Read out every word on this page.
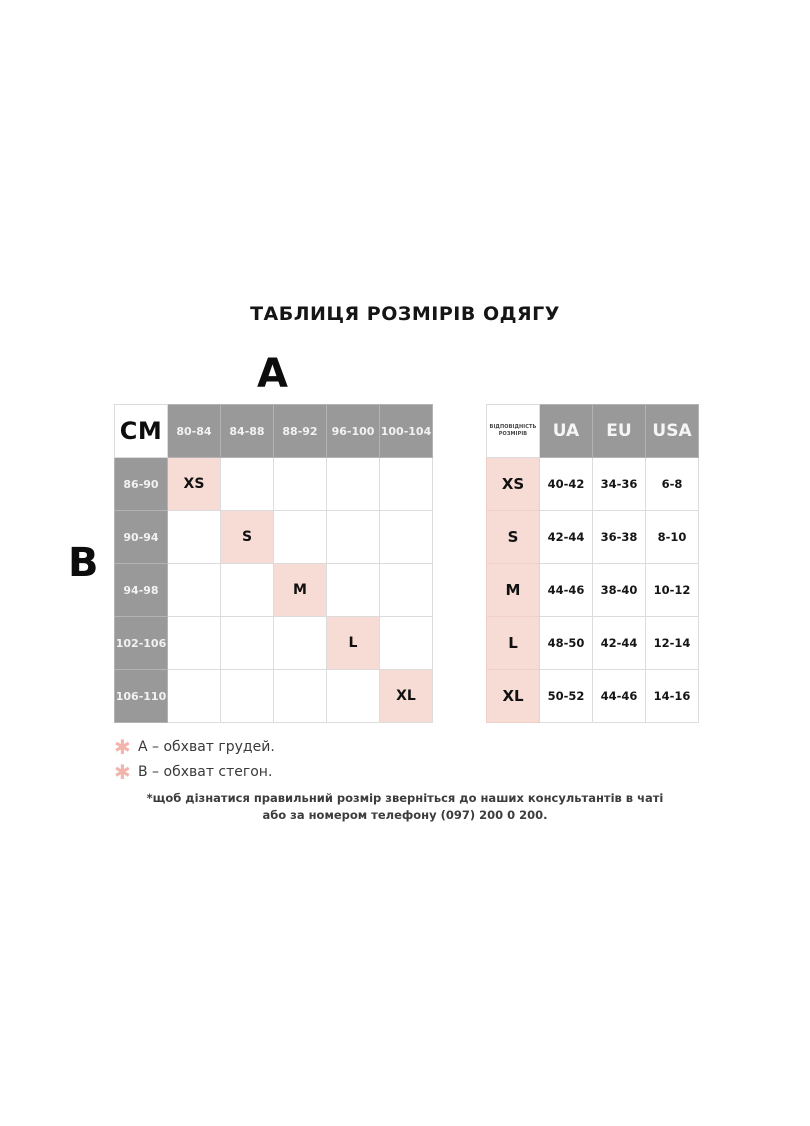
ТАБЛИЦЯ РОЗМІРІВ ОДЯГУ
A
B
CM	80-84	84-88	88-92	96-100	100-104
86-90	XS				
90-94		S			
94-98			M		
102-106				L	
106-110					XL
ВІДПОВІДНІСТЬ
РОЗМІРІВ	UA	EU	USA
XS	40-42	34-36	6-8
S	42-44	36-38	8-10
M	44-46	38-40	10-12
L	48-50	42-44	12-14
XL	50-52	44-46	14-16
✱ A – обхват грудей.
✱ B – обхват стегон.
*щоб дізнатися правильний розмір зверніться до наших консультантів в чаті
або за номером телефону (097) 200 0 200.
